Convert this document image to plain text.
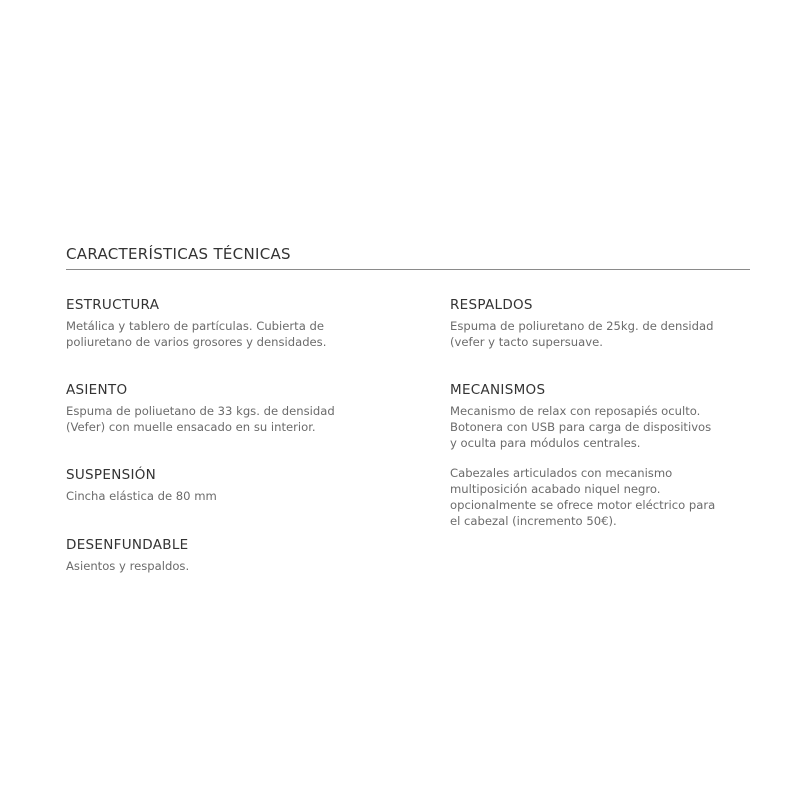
CARACTERÍSTICAS TÉCNICAS
ESTRUCTURA
Metálica y tablero de partículas. Cubierta de
poliuretano de varios grosores y densidades.
ASIENTO
Espuma de poliuetano de 33 kgs. de densidad
(Vefer) con muelle ensacado en su interior.
SUSPENSIÓN
Cincha elástica de 80 mm
DESENFUNDABLE
Asientos y respaldos.
RESPALDOS
Espuma de poliuretano de 25kg. de densidad
(vefer y tacto supersuave.
MECANISMOS
Mecanismo de relax con reposapiés oculto.
Botonera con USB para carga de dispositivos
y oculta para módulos centrales.
Cabezales articulados con mecanismo
multiposición acabado niquel negro.
opcionalmente se ofrece motor eléctrico para
el cabezal (incremento 50€).
